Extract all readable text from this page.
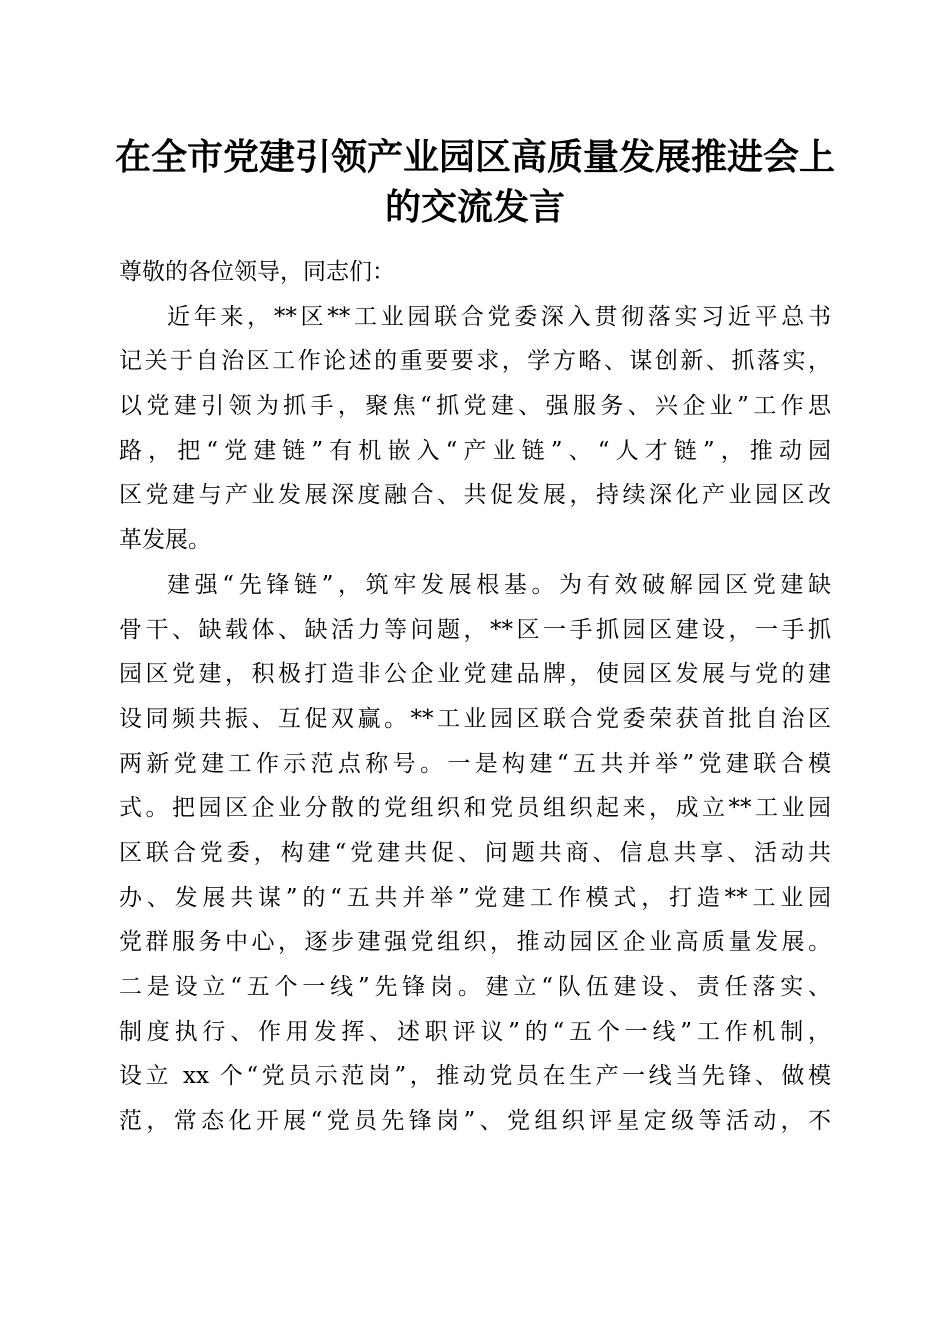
在全市党建引领产业园区高质量发展推进会上
的交流发言
尊敬的各位领导，同志们：
近年来，**区**工业园联合党委深入贯彻落实习近平总书
记关于自治区工作论述的重要要求，学方略、谋创新、抓落实，
以党建引领为抓手，聚焦“抓党建、强服务、兴企业”工作思
路，把“党建链”有机嵌入“产业链”、“人才链”，推动园
区党建与产业发展深度融合、共促发展，持续深化产业园区改
革发展。
建强“先锋链”，筑牢发展根基。为有效破解园区党建缺
骨干、缺载体、缺活力等问题，**区一手抓园区建设，一手抓
园区党建，积极打造非公企业党建品牌，使园区发展与党的建
设同频共振、互促双赢。**工业园区联合党委荣获首批自治区
两新党建工作示范点称号。一是构建“五共并举”党建联合模
式。把园区企业分散的党组织和党员组织起来，成立**工业园
区联合党委，构建“党建共促、问题共商、信息共享、活动共
办、发展共谋”的“五共并举”党建工作模式，打造**工业园
党群服务中心，逐步建强党组织，推动园区企业高质量发展。
二是设立“五个一线”先锋岗。建立“队伍建设、责任落实、
制度执行、作用发挥、述职评议”的“五个一线”工作机制，
设立 xx 个“党员示范岗”，推动党员在生产一线当先锋、做模
范，常态化开展“党员先锋岗”、党组织评星定级等活动，不
